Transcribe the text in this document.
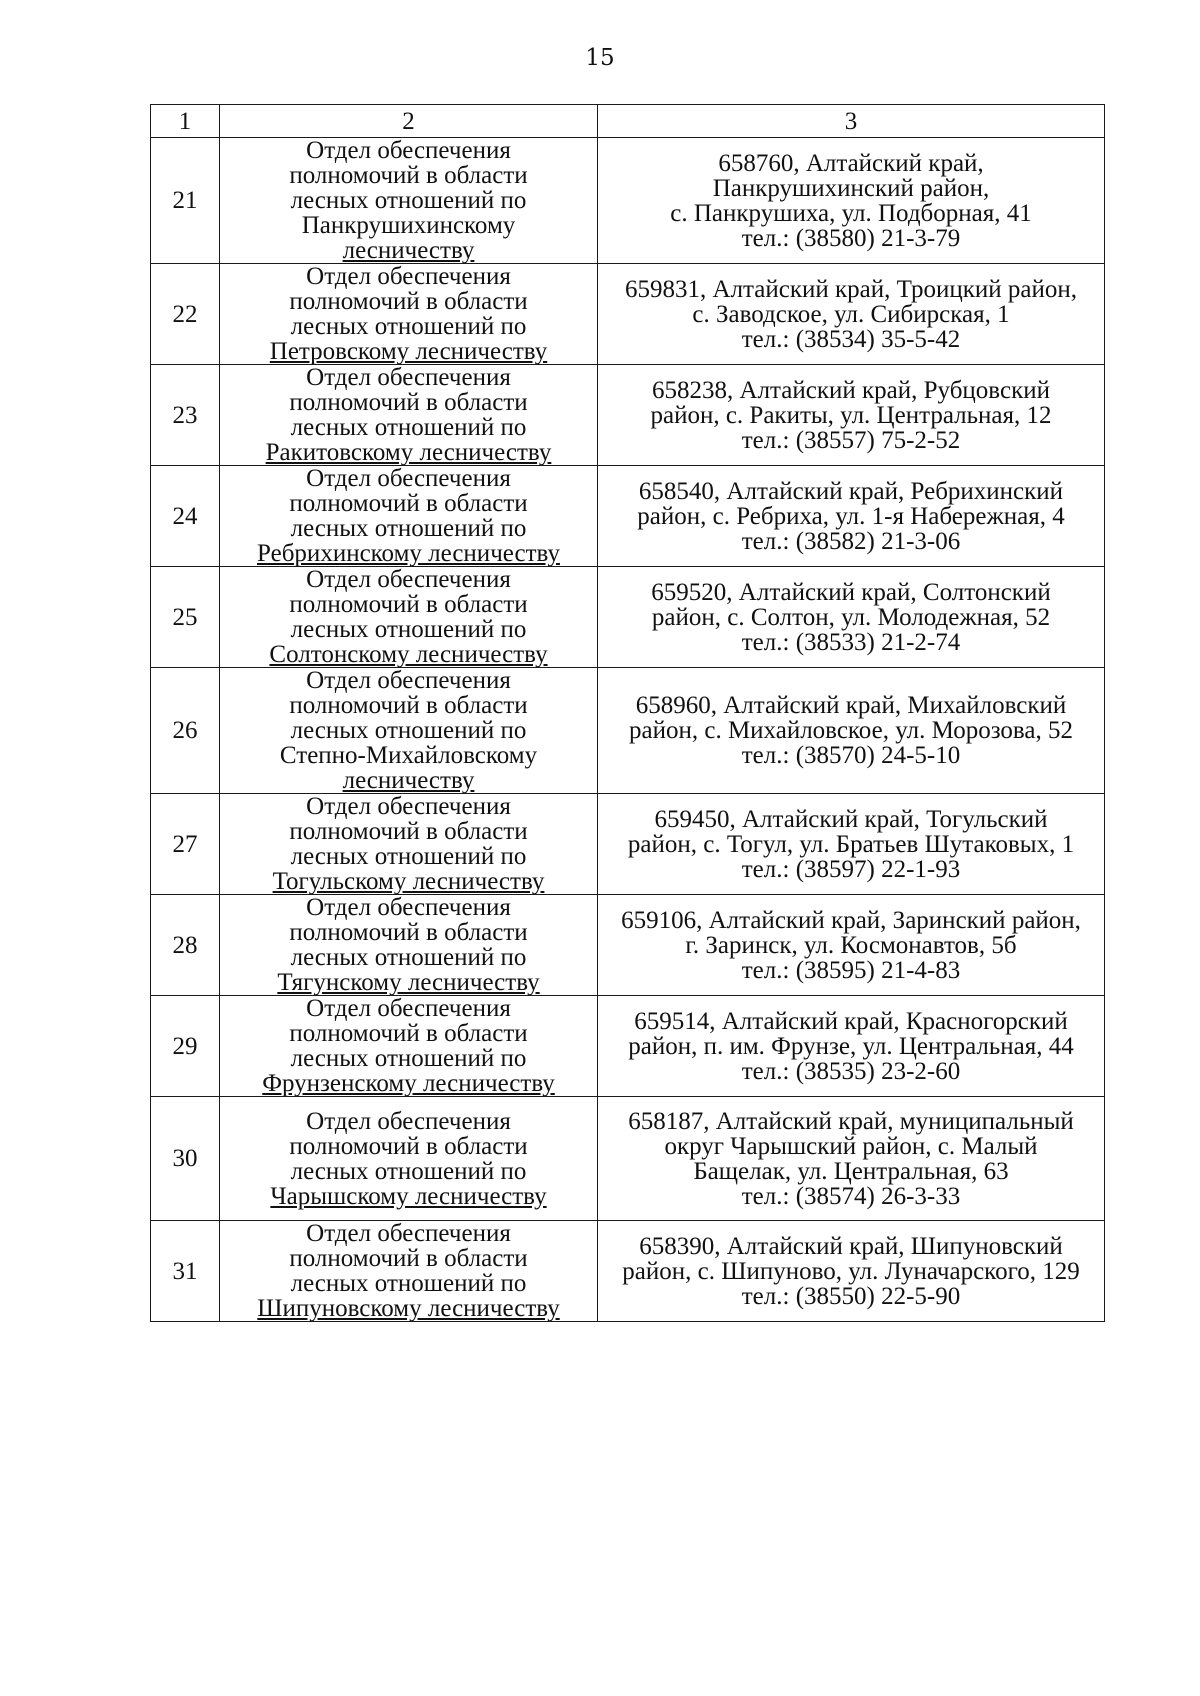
15
1	2	3
21	Отдел обеспечения
полномочий в области
лесных отношений по
Панкрушихинскому
лесничеству	658760, Алтайский край,
Панкрушихинский район,
с. Панкрушиха, ул. Подборная, 41
тел.: (38580) 21-3-79

22	Отдел обеспечения
полномочий в области
лесных отношений по
Петровскому лесничеству	659831, Алтайский край, Троицкий район,
с. Заводское, ул. Сибирская, 1
тел.: (38534) 35-5-42

23	Отдел обеспечения
полномочий в области
лесных отношений по
Ракитовскому лесничеству	658238, Алтайский край, Рубцовский
район, с. Ракиты, ул. Центральная, 12
тел.: (38557) 75-2-52

24	Отдел обеспечения
полномочий в области
лесных отношений по
Ребрихинскому лесничеству	658540, Алтайский край, Ребрихинский
район, с. Ребриха, ул. 1-я Набережная, 4
тел.: (38582) 21-3-06

25	Отдел обеспечения
полномочий в области
лесных отношений по
Солтонскому лесничеству	659520, Алтайский край, Солтонский
район, с. Солтон, ул. Молодежная, 52
тел.: (38533) 21-2-74

26	Отдел обеспечения
полномочий в области
лесных отношений по
Степно-Михайловскому
лесничеству	658960, Алтайский край, Михайловский
район, с. Михайловское, ул. Морозова, 52
тел.: (38570) 24-5-10

27	Отдел обеспечения
полномочий в области
лесных отношений по
Тогульскому лесничеству	659450, Алтайский край, Тогульский
район, с. Тогул, ул. Братьев Шутаковых, 1
тел.: (38597) 22-1-93

28	Отдел обеспечения
полномочий в области
лесных отношений по
Тягунскому лесничеству	659106, Алтайский край, Заринский район,
г. Заринск, ул. Космонавтов, 5б
тел.: (38595) 21-4-83

29	Отдел обеспечения
полномочий в области
лесных отношений по
Фрунзенскому лесничеству	659514, Алтайский край, Красногорский
район, п. им. Фрунзе, ул. Центральная, 44
тел.: (38535) 23-2-60

30	Отдел обеспечения
полномочий в области
лесных отношений по
Чарышскому лесничеству	658187, Алтайский край, муниципальный
округ Чарышский район, с. Малый
Бащелак, ул. Центральная, 63
тел.: (38574) 26-3-33

31	Отдел обеспечения
полномочий в области
лесных отношений по
Шипуновскому лесничеству	658390, Алтайский край, Шипуновский
район, с. Шипуново, ул. Луначарского, 129
тел.: (38550) 22-5-90
